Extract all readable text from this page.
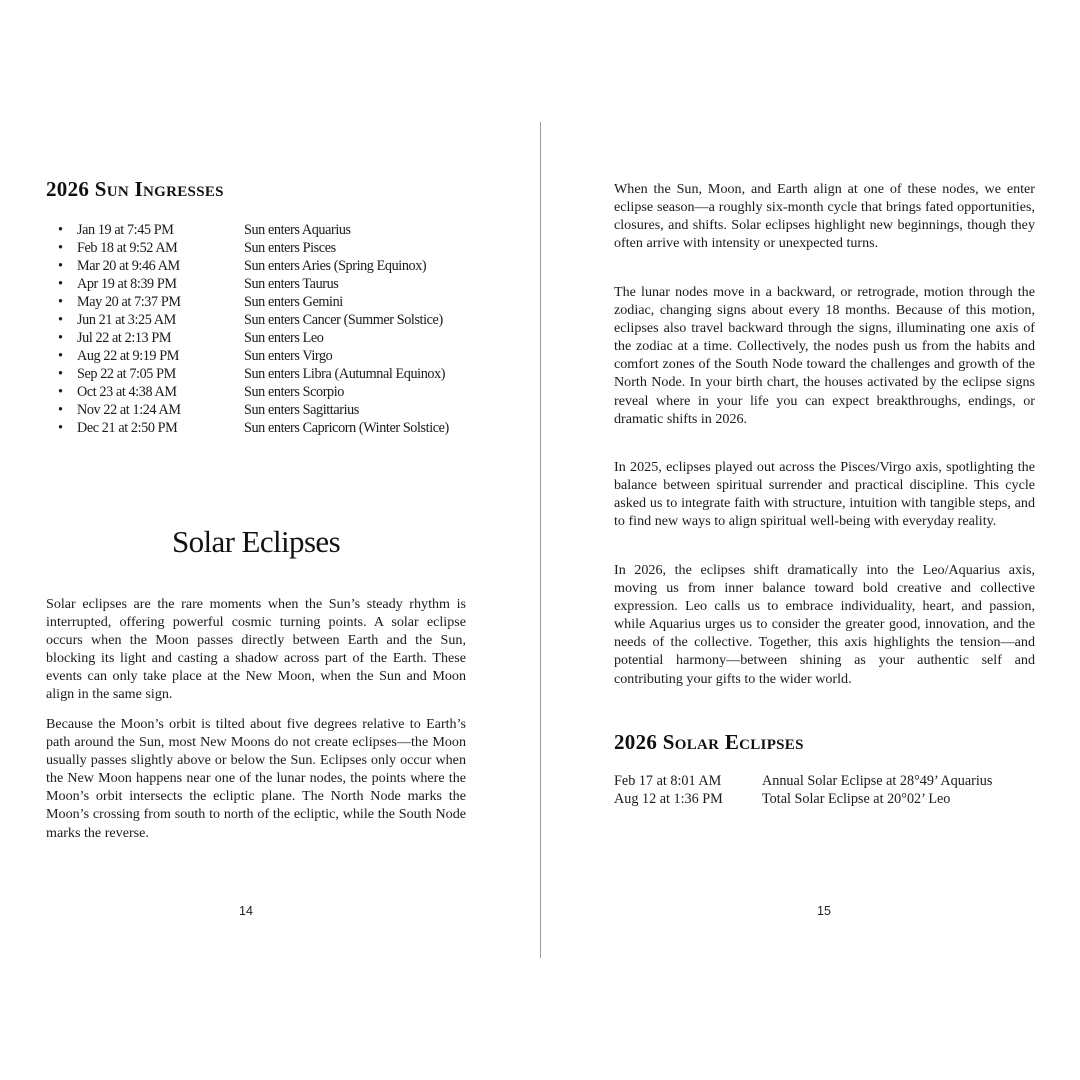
2026 Sun Ingresses
•	Jan 19 at 7:45 PM	Sun enters Aquarius
•	Feb 18 at 9:52 AM	Sun enters Pisces
•	Mar 20 at 9:46 AM	Sun enters Aries (Spring Equinox)
•	Apr 19 at 8:39 PM	Sun enters Taurus
•	May 20 at 7:37 PM	Sun enters Gemini
•	Jun 21 at 3:25 AM	Sun enters Cancer (Summer Solstice)
•	Jul 22 at 2:13 PM	Sun enters Leo
•	Aug 22 at 9:19 PM	Sun enters Virgo
•	Sep 22 at 7:05 PM	Sun enters Libra (Autumnal Equinox)
•	Oct 23 at 4:38 AM	Sun enters Scorpio
•	Nov 22 at 1:24 AM	Sun enters Sagittarius
•	Dec 21 at 2:50 PM	Sun enters Capricorn (Winter Solstice)
Solar Eclipses

Solar eclipses are the rare moments when the Sun’s steady rhythm is interrupted, offering powerful cosmic turning points. A solar eclipse occurs when the Moon passes directly between Earth and the Sun, blocking its light and casting a shadow across part of the Earth. These events can only take place at the New Moon, when the Sun and Moon align in the same sign.

Because the Moon’s orbit is tilted about five degrees relative to Earth’s path around the Sun, most New Moons do not create eclipses—the Moon usually passes slightly above or below the Sun. Eclipses only occur when the New Moon happens near one of the lunar nodes, the points where the Moon’s orbit intersects the ecliptic plane. The North Node marks the Moon’s crossing from south to north of the ecliptic, while the South Node marks the reverse.

14

When the Sun, Moon, and Earth align at one of these nodes, we enter eclipse season—a roughly six-month cycle that brings fated opportunities, closures, and shifts. Solar eclipses highlight new beginnings, though they often arrive with intensity or unexpected turns.

The lunar nodes move in a backward, or retrograde, motion through the zodiac, changing signs about every 18 months. Because of this motion, eclipses also travel backward through the signs, illuminating one axis of the zodiac at a time. Collectively, the nodes push us from the habits and comfort zones of the South Node toward the challenges and growth of the North Node. In your birth chart, the houses activated by the eclipse signs reveal where in your life you can expect breakthroughs, endings, or dramatic shifts in 2026.

In 2025, eclipses played out across the Pisces/Virgo axis, spotlighting the balance between spiritual surrender and practical discipline. This cycle asked us to integrate faith with structure, intuition with tangible steps, and to find new ways to align spiritual well-being with everyday reality.

In 2026, the eclipses shift dramatically into the Leo/Aquarius axis, moving us from inner balance toward bold creative and collective expression. Leo calls us to embrace individuality, heart, and passion, while Aquarius urges us to consider the greater good, innovation, and the needs of the collective. Together, this axis highlights the tension—and potential harmony—between shining as your authentic self and contributing your gifts to the wider world.

2026 Solar Eclipses
Feb 17 at 8:01 AM	Annual Solar Eclipse at 28°49’ Aquarius
Aug 12 at 1:36 PM	Total Solar Eclipse at 20°02’ Leo
15
